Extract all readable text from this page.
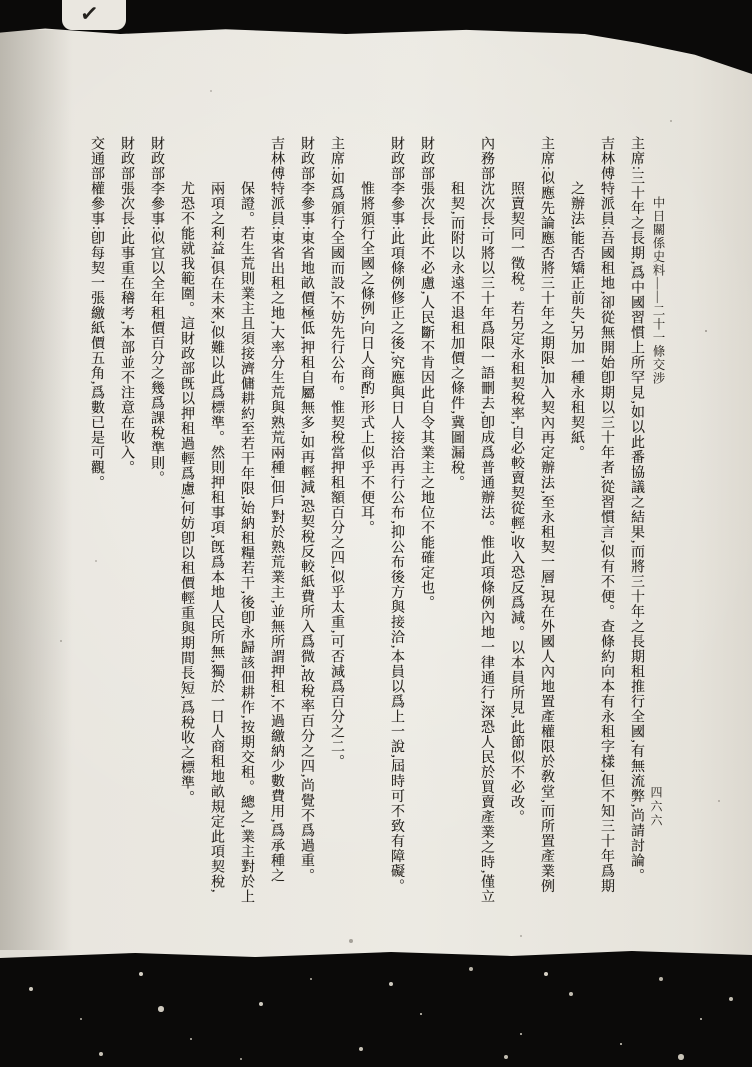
✓
中日關係史料——二十一條交涉
四六六
主席:三十年之長期,爲中國習慣上所罕見,如以此番協議之結果,而將三十年之長期租推行全國,有無流弊,尚請討論。
吉林傅特派員:吾國租地,卻從無開始卽期以三十年者,從習慣言,似有不便。查條約向本有永租字樣,但不知三十年爲期
之辦法,能否矯正前失,另加一種永租契紙。
主席:似應先論應否將三十年之期限,加入契內再定辦法,至永租契一層,現在外國人內地置產權限於敎堂,而所置產業例
照賣契同一徵稅。若另定永租契稅率,自必較賣契從輕,收入恐反爲減。以本員所見,此節似不必改。
內務部沈次長:可將以三十年爲限一語刪去,卽成爲普通辦法。惟此項條例內地一律通行,深恐人民於買賣產業之時,僅立
租契,而附以永遠不退租加價之條件,冀圖漏稅。
財政部張次長:此不必慮,人民斷不肯因此自令其業主之地位不能確定也。
財政部李參事:此項條例修正之後,究應與日人接洽再行公布,抑公布後方與接洽,本員以爲上一說,屆時可不致有障礙。
惟將頒行全國之條例,向日人商酌,形式上似乎不便耳。
主席:如爲頒行全國而設,不妨先行公布。惟契稅當押租額百分之四,似乎太重,可否減爲百分之二。
財政部李參事:東省地畝價極低,押租自屬無多,如再輕減,恐契稅反較紙費所入爲微,故稅率百分之四,尚覺不爲過重。
吉林傅特派員:東省出租之地,大率分生荒與熟荒兩種,佃戶對於熟荒業主,並無所謂押租,不過繳納少數費用,爲承種之
保證。若生荒則業主且須接濟傭耕約至若干年限,始納租糧若干,後卽永歸該佃耕作,按期交租。總之,業主對於上
兩項之利益,俱在未來,似難以此爲標準。然則押租事項,旣爲本地人民所無,獨於一日人商租地畝規定此項契稅,
尤恐不能就我範圍。這財政部旣以押租過輕爲慮,何妨卽以租價輕重與期間長短,爲稅收之標準。
財政部李參事:似宜以全年租價百分之幾爲課稅準則。
財政部張次長:此事重在稽考,本部並不注意在收入。
交通部權參事:卽每契一張繳紙價五角,爲數已是可觀。
